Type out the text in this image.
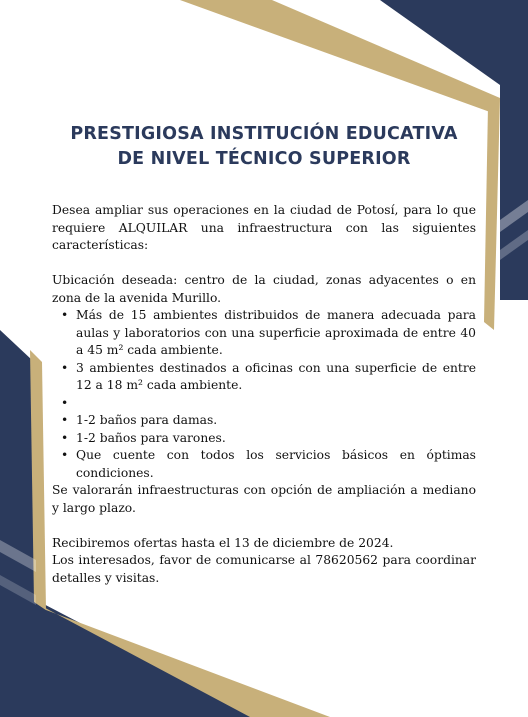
PRESTIGIOSA INSTITUCIÓN EDUCATIVA
DE NIVEL TÉCNICO SUPERIOR

Desea ampliar sus operaciones en la ciudad de Potosí, para lo que requiere ALQUILAR una infraestructura con las siguientes características:

Ubicación deseada: centro de la ciudad, zonas adyacentes o en zona de la avenida Murillo.

• Más de 15 ambientes distribuidos de manera adecuada para aulas y laboratorios con una superficie aproximada de entre 40 a 45 m² cada ambiente.
• 3 ambientes destinados a oficinas con una superficie de entre 12 a 18 m² cada ambiente.
•
• 1-2 baños para damas.
• 1-2 baños para varones.
• Que cuente con todos los servicios básicos en óptimas condiciones.

Se valorarán infraestructuras con opción de ampliación a mediano y largo plazo.

Recibiremos ofertas hasta el 13 de diciembre de 2024.

Los interesados, favor de comunicarse al 78620562 para coordinar detalles y visitas.
